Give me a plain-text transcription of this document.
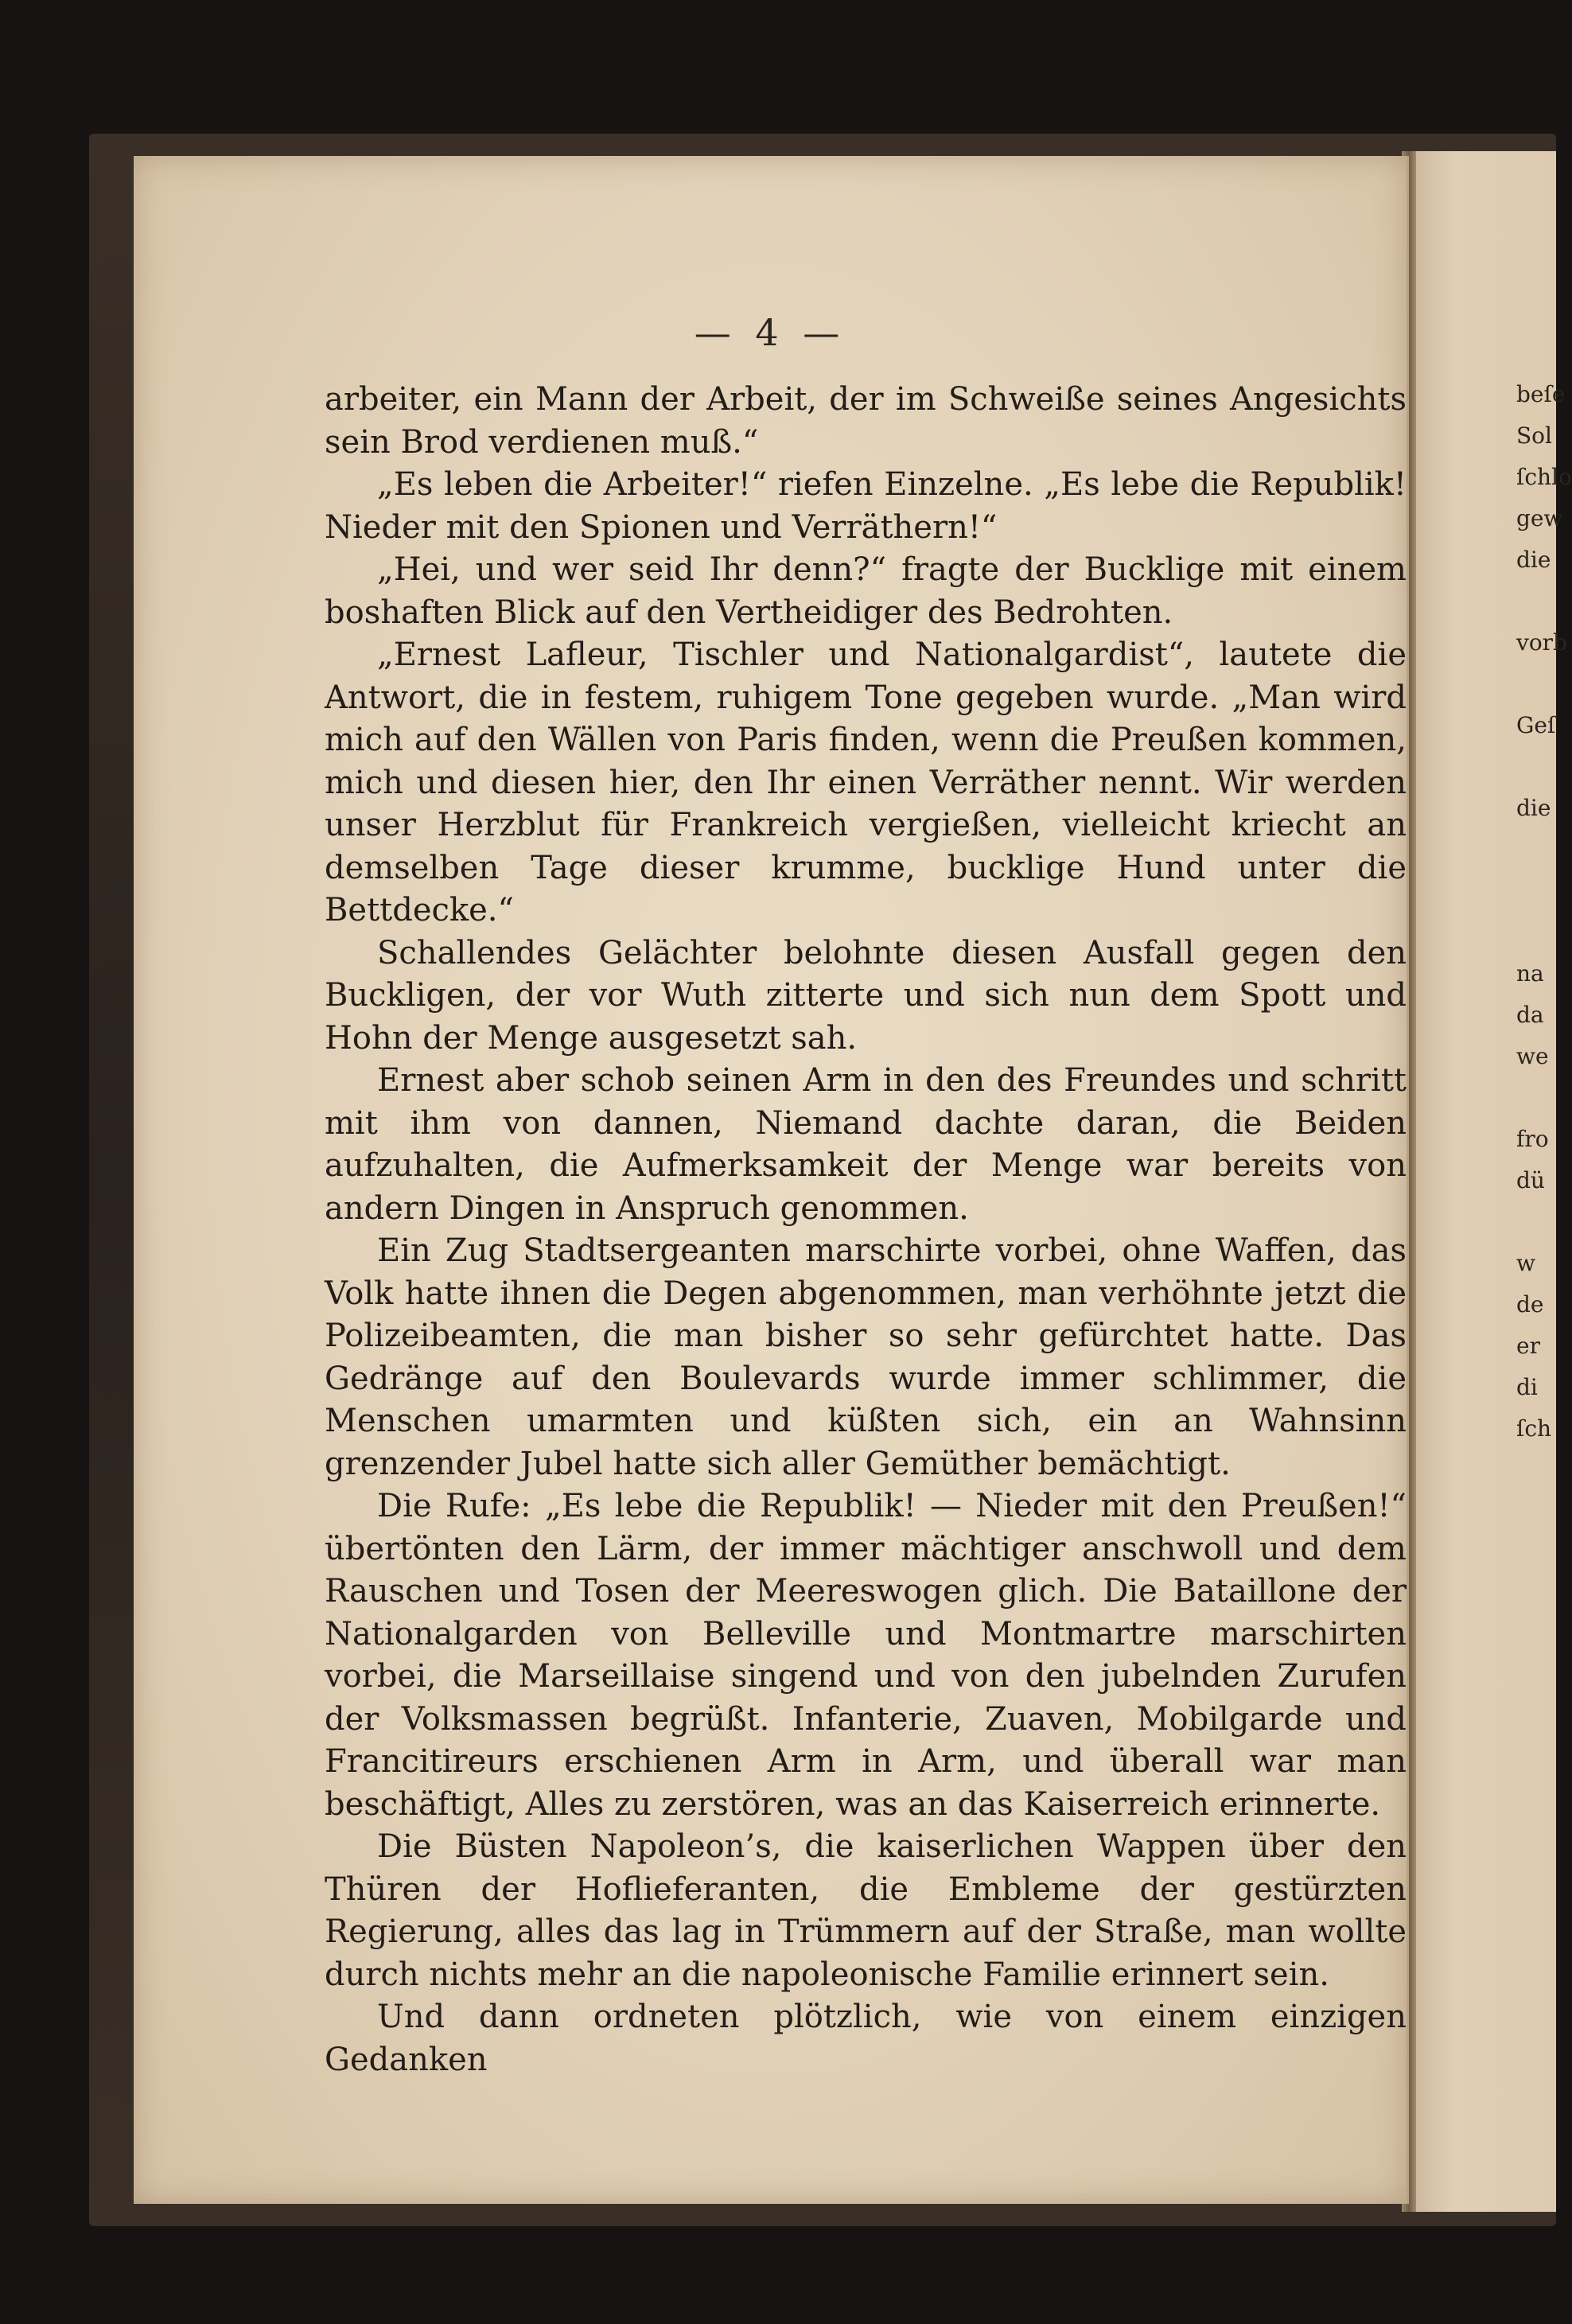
beſe
Sol
ſchlo
gew
die

vorb

Geſ

die

na
da
we

fro
dü

w
de
er
di
ſch
— 4 —

arbeiter, ein Mann der Arbeit, der im Schweiße seines Angesichts sein Brod verdienen muß.“

„Es leben die Arbeiter!“ riefen Einzelne. „Es lebe die Republik! Nieder mit den Spionen und Verräthern!“

„Hei, und wer seid Ihr denn?“ fragte der Bucklige mit einem boshaften Blick auf den Vertheidiger des Bedrohten.

„Ernest Lafleur, Tischler und Nationalgardist“, lautete die Antwort, die in festem, ruhigem Tone gegeben wurde. „Man wird mich auf den Wällen von Paris finden, wenn die Preußen kommen, mich und diesen hier, den Ihr einen Verräther nennt. Wir werden unser Herzblut für Frankreich vergießen, vielleicht kriecht an demselben Tage dieser krumme, bucklige Hund unter die Bettdecke.“

Schallendes Gelächter belohnte diesen Ausfall gegen den Buckligen, der vor Wuth zitterte und sich nun dem Spott und Hohn der Menge ausgesetzt sah.

Ernest aber schob seinen Arm in den des Freundes und schritt mit ihm von dannen, Niemand dachte daran, die Beiden aufzuhalten, die Aufmerksamkeit der Menge war bereits von andern Dingen in Anspruch genommen.

Ein Zug Stadtsergeanten marschirte vorbei, ohne Waffen, das Volk hatte ihnen die Degen abgenommen, man verhöhnte jetzt die Polizeibeamten, die man bisher so sehr gefürchtet hatte. Das Gedränge auf den Boulevards wurde immer schlimmer, die Menschen umarmten und küßten sich, ein an Wahnsinn grenzender Jubel hatte sich aller Gemüther bemächtigt.

Die Rufe: „Es lebe die Republik! — Nieder mit den Preußen!“ übertönten den Lärm, der immer mächtiger anschwoll und dem Rauschen und Tosen der Meereswogen glich. Die Bataillone der Nationalgarden von Belleville und Montmartre marschirten vorbei, die Marseillaise singend und von den jubelnden Zurufen der Volksmassen begrüßt. Infanterie, Zuaven, Mobilgarde und Francitireurs erschienen Arm in Arm, und überall war man beschäftigt, Alles zu zerstören, was an das Kaiserreich erinnerte.

Die Büsten Napoleon’s, die kaiserlichen Wappen über den Thüren der Hoflieferanten, die Embleme der gestürzten Regierung, alles das lag in Trümmern auf der Straße, man wollte durch nichts mehr an die napoleonische Familie erinnert sein.

Und dann ordneten plötzlich, wie von einem einzigen Gedanken
